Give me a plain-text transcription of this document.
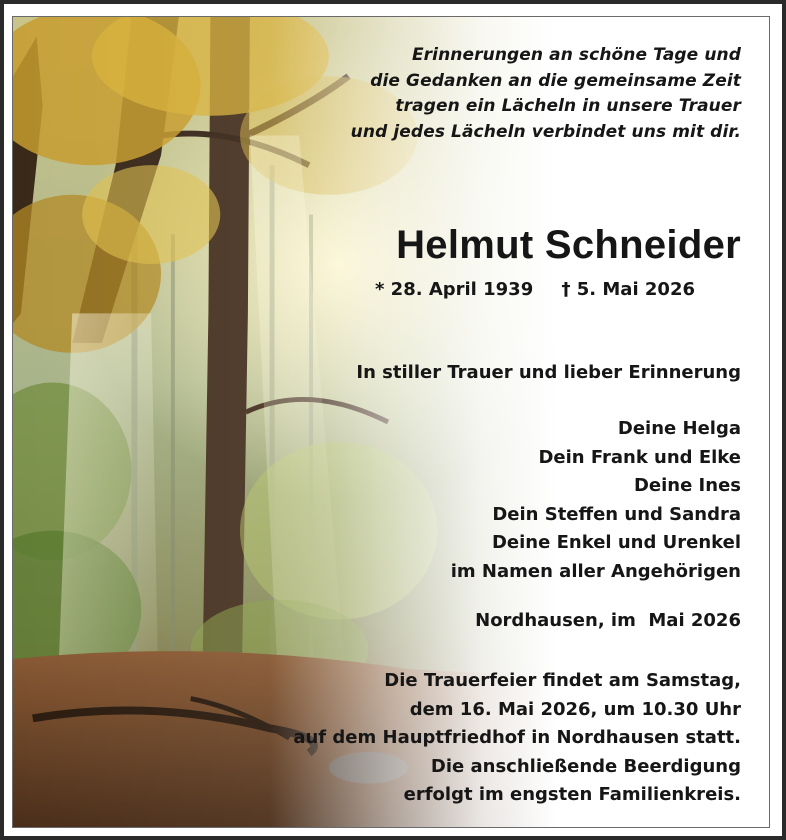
Erinnerungen an schöne Tage und
die Gedanken an die gemeinsame Zeit
tragen ein Lächeln in unsere Trauer
und jedes Lächeln verbindet uns mit dir.
Helmut Schneider
* 28. April 1939 † 5. Mai 2026
In stiller Trauer und lieber Erinnerung
Deine Helga
Dein Frank und Elke
Deine Ines
Dein Steffen und Sandra
Deine Enkel und Urenkel
im Namen aller Angehörigen
Nordhausen, im  Mai 2026
Die Trauerfeier findet am Samstag,
dem 16. Mai 2026, um 10.30 Uhr
auf dem Hauptfriedhof in Nordhausen statt.
Die anschließende Beerdigung
erfolgt im engsten Familienkreis.
